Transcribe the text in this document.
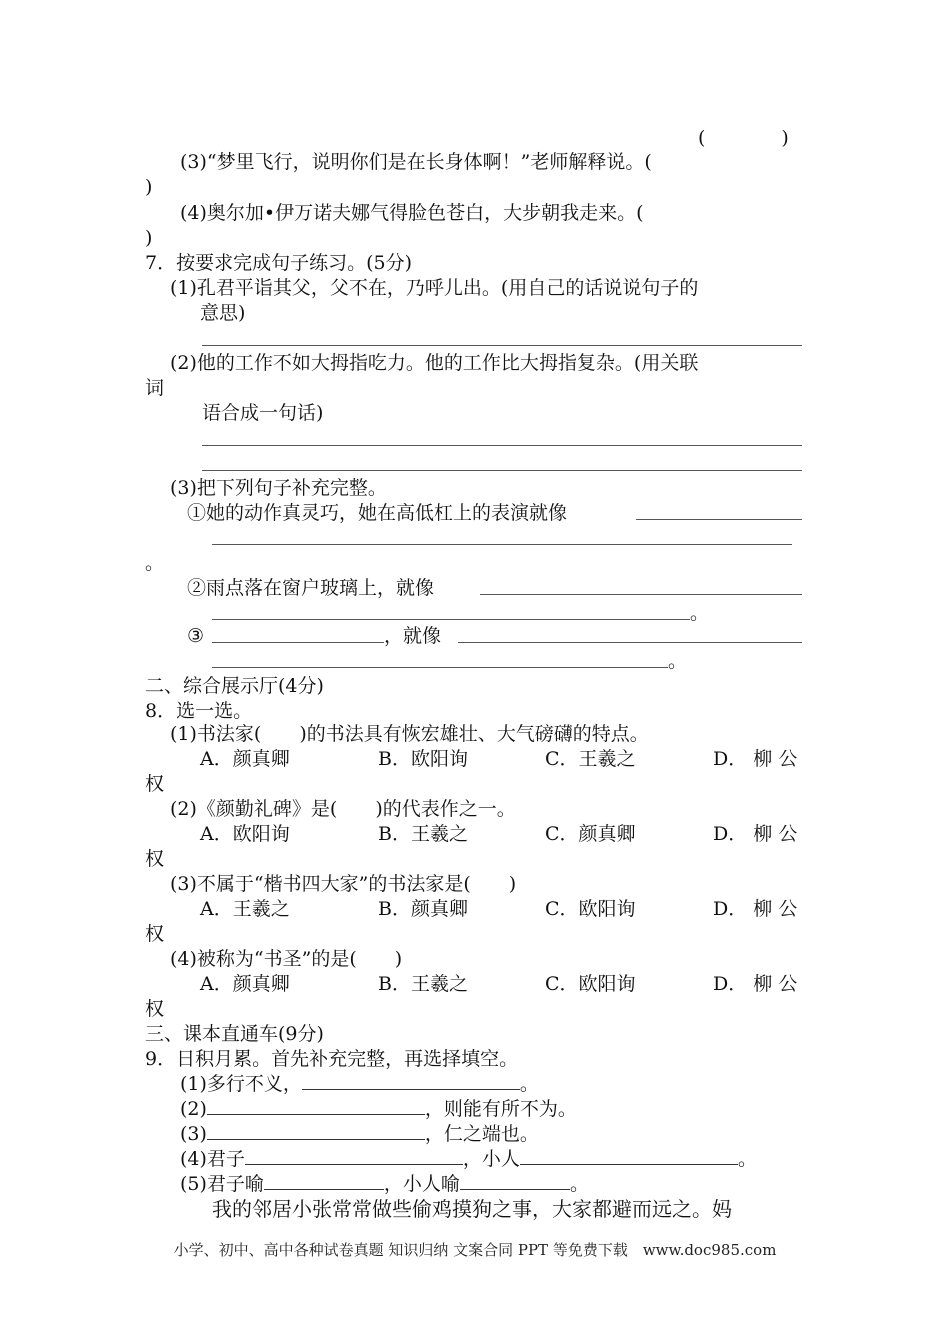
(　　　　)
(3)“梦里飞行，说明你们是在长身体啊！”老师解释说。(
)
(4)奥尔加•伊万诺夫娜气得脸色苍白，大步朝我走来。(
)
7．按要求完成句子练习。(5分)
(1)孔君平诣其父，父不在，乃呼儿出。(用自己的话说说句子的
意思)
(2)他的工作不如大拇指吃力。他的工作比大拇指复杂。(用关联
词
语合成一句话)
(3)把下列句子补充完整。
①她的动作真灵巧，她在高低杠上的表演就像
。
②雨点落在窗户玻璃上，就像
。
③	，就像
。
二、综合展示厅(4分)
8．选一选。
(1)书法家(　　)的书法具有恢宏雄壮、大气磅礴的特点。
A．颜真卿	B．欧阳询	C．王羲之	D． 柳 公
权
(2)《颜勤礼碑》是(　　)的代表作之一。
A．欧阳询	B．王羲之	C．颜真卿	D． 柳 公
权
(3)不属于“楷书四大家”的书法家是(　　)
A．王羲之	B．颜真卿	C．欧阳询	D． 柳 公
权
(4)被称为“书圣”的是(　　)
A．颜真卿	B．王羲之	C．欧阳询	D． 柳 公
权
三、课本直通车(9分)
9．日积月累。首先补充完整，再选择填空。
(1)多行不义，	。
(2)	，则能有所不为。
(3)	，仁之端也。
(4)君子	，小人	。
(5)君子喻	，小人喻	。
我的邻居小张常常做些偷鸡摸狗之事，大家都避而远之。妈
小学、初中、高中各种试卷真题 知识归纳 文案合同 PPT 等免费下载　www.doc985.com
